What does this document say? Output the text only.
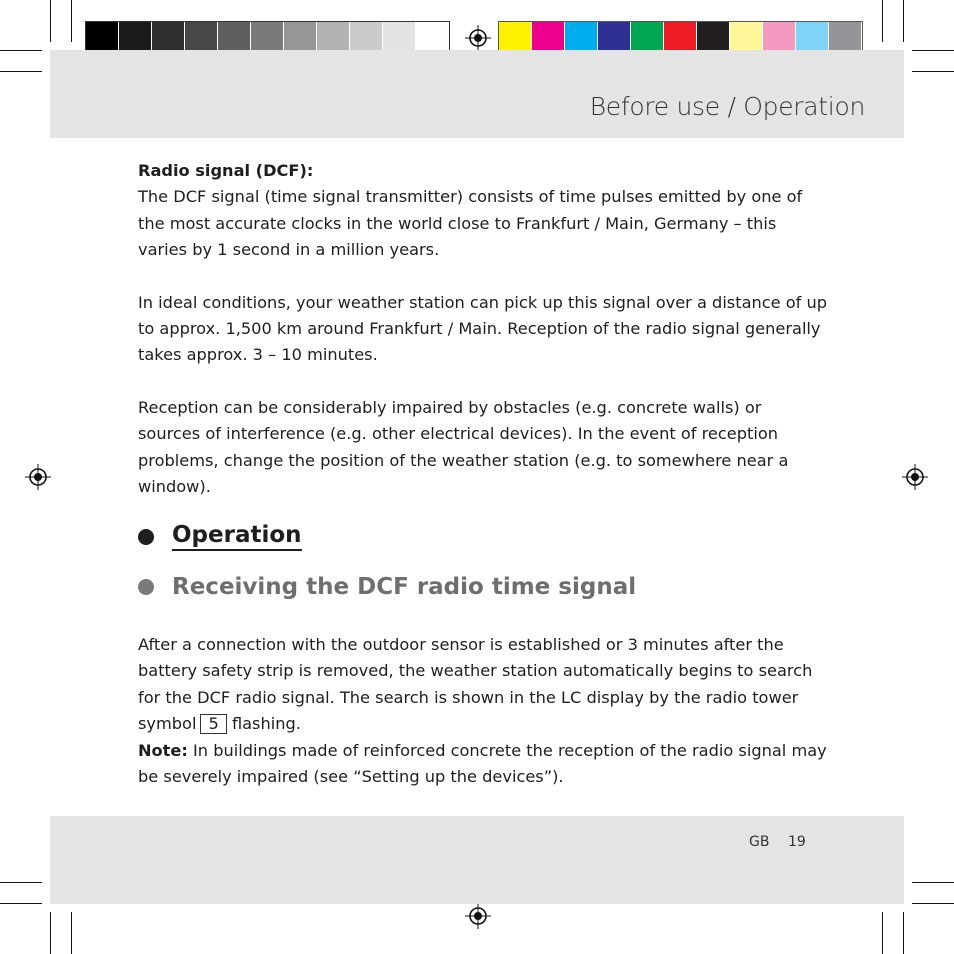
Before use / Operation

Radio signal (DCF):

The DCF signal (time signal transmitter) consists of time pulses emitted by one of the most accurate clocks in the world close to Frankfurt / Main, Germany – this varies by 1 second in a million years.

In ideal conditions, your weather station can pick up this signal over a distance of up to approx. 1,500 km around Frankfurt / Main. Reception of the radio signal generally takes approx. 3 – 10 minutes.

Reception can be considerably impaired by obstacles (e.g. concrete walls) or sources of interference (e.g. other electrical devices). In the event of reception problems, change the position of the weather station (e.g. to somewhere near a window).

Operation
Receiving the DCF radio time signal

After a connection with the outdoor sensor is established or 3 minutes after the battery safety strip is removed, the weather station automatically begins to search for the DCF radio signal. The search is shown in the LC display by the radio tower symbol 5 flashing.

Note: In buildings made of reinforced concrete the reception of the radio signal may be severely impaired (see “Setting up the devices”).

GB 19
